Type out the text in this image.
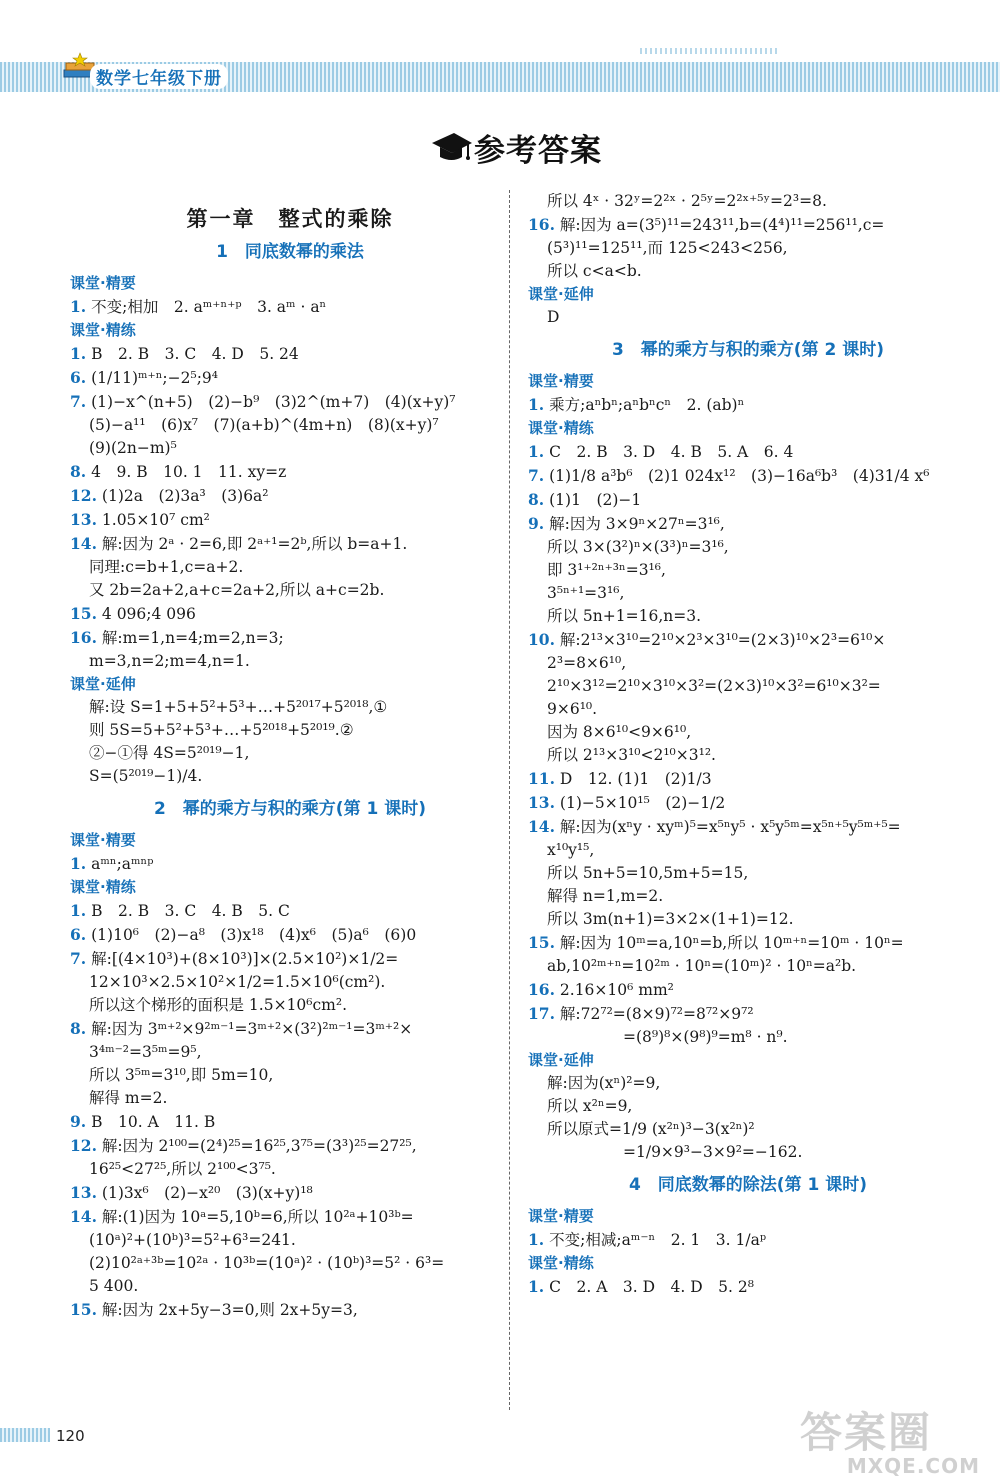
数学七年级下册
参考答案
第一章　整式的乘除
1　同底数幂的乘法
课堂·精要
1. 不变;相加　2. aᵐ⁺ⁿ⁺ᵖ　3. aᵐ · aⁿ
课堂·精练
1. B　2. B　3. C　4. D　5. 24
6. (1/11)ᵐ⁺ⁿ;−2⁵;9⁴
7. (1)−x^(n+5)　(2)−b⁹　(3)2^(m+7)　(4)(x+y)⁷
(5)−a¹¹　(6)x⁷　(7)(a+b)^(4m+n)　(8)(x+y)⁷
(9)(2n−m)⁵
8. 4　9. B　10. 1　11. xy=z
12. (1)2a　(2)3a³　(3)6a²
13. 1.05×10⁷ cm²
14. 解:因为 2ᵃ · 2=6,即 2ᵃ⁺¹=2ᵇ,所以 b=a+1.
同理:c=b+1,c=a+2.
又 2b=2a+2,a+c=2a+2,所以 a+c=2b.
15. 4 096;4 096
16. 解:m=1,n=4;m=2,n=3;
m=3,n=2;m=4,n=1.
课堂·延伸
解:设 S=1+5+5²+5³+…+5²⁰¹⁷+5²⁰¹⁸,①
则 5S=5+5²+5³+…+5²⁰¹⁸+5²⁰¹⁹.②
②−①得 4S=5²⁰¹⁹−1,
S=(5²⁰¹⁹−1)/4.
2　幂的乘方与积的乘方(第 1 课时)
课堂·精要
1. aᵐⁿ;aᵐⁿᵖ
课堂·精练
1. B　2. B　3. C　4. B　5. C
6. (1)10⁶　(2)−a⁸　(3)x¹⁸　(4)x⁶　(5)a⁶　(6)0
7. 解:[(4×10³)+(8×10³)]×(2.5×10²)×1/2=
12×10³×2.5×10²×1/2=1.5×10⁶(cm²).
所以这个梯形的面积是 1.5×10⁶cm².
8. 解:因为 3ᵐ⁺²×9²ᵐ⁻¹=3ᵐ⁺²×(3²)²ᵐ⁻¹=3ᵐ⁺²×
3⁴ᵐ⁻²=3⁵ᵐ=9⁵,
所以 3⁵ᵐ=3¹⁰,即 5m=10,
解得 m=2.
9. B　10. A　11. B
12. 解:因为 2¹⁰⁰=(2⁴)²⁵=16²⁵,3⁷⁵=(3³)²⁵=27²⁵,
16²⁵<27²⁵,所以 2¹⁰⁰<3⁷⁵.
13. (1)3x⁶　(2)−x²⁰　(3)(x+y)¹⁸
14. 解:(1)因为 10ᵃ=5,10ᵇ=6,所以 10²ᵃ+10³ᵇ=
(10ᵃ)²+(10ᵇ)³=5²+6³=241.
(2)10²ᵃ⁺³ᵇ=10²ᵃ · 10³ᵇ=(10ᵃ)² · (10ᵇ)³=5² · 6³=
5 400.
15. 解:因为 2x+5y−3=0,则 2x+5y=3,
所以 4ˣ · 32ʸ=2²ˣ · 2⁵ʸ=2²ˣ⁺⁵ʸ=2³=8.
16. 解:因为 a=(3⁵)¹¹=243¹¹,b=(4⁴)¹¹=256¹¹,c=
(5³)¹¹=125¹¹,而 125<243<256,
所以 c<a<b.
课堂·延伸
D
3　幂的乘方与积的乘方(第 2 课时)
课堂·精要
1. 乘方;aⁿbⁿ;aⁿbⁿcⁿ　2. (ab)ⁿ
课堂·精练
1. C　2. B　3. D　4. B　5. A　6. 4
7. (1)1/8 a³b⁶　(2)1 024x¹²　(3)−16a⁶b³　(4)31/4 x⁶
8. (1)1　(2)−1
9. 解:因为 3×9ⁿ×27ⁿ=3¹⁶,
所以 3×(3²)ⁿ×(3³)ⁿ=3¹⁶,
即 3¹⁺²ⁿ⁺³ⁿ=3¹⁶,
3⁵ⁿ⁺¹=3¹⁶,
所以 5n+1=16,n=3.
10. 解:2¹³×3¹⁰=2¹⁰×2³×3¹⁰=(2×3)¹⁰×2³=6¹⁰×
2³=8×6¹⁰,
2¹⁰×3¹²=2¹⁰×3¹⁰×3²=(2×3)¹⁰×3²=6¹⁰×3²=
9×6¹⁰.
因为 8×6¹⁰<9×6¹⁰,
所以 2¹³×3¹⁰<2¹⁰×3¹².
11. D　12. (1)1　(2)1/3
13. (1)−5×10¹⁵　(2)−1/2
14. 解:因为(xⁿy · xyᵐ)⁵=x⁵ⁿy⁵ · x⁵y⁵ᵐ=x⁵ⁿ⁺⁵y⁵ᵐ⁺⁵=
x¹⁰y¹⁵,
所以 5n+5=10,5m+5=15,
解得 n=1,m=2.
所以 3m(n+1)=3×2×(1+1)=12.
15. 解:因为 10ᵐ=a,10ⁿ=b,所以 10ᵐ⁺ⁿ=10ᵐ · 10ⁿ=
ab,10²ᵐ⁺ⁿ=10²ᵐ · 10ⁿ=(10ᵐ)² · 10ⁿ=a²b.
16. 2.16×10⁶ mm²
17. 解:72⁷²=(8×9)⁷²=8⁷²×9⁷²
=(8⁹)⁸×(9⁸)⁹=m⁸ · n⁹.
课堂·延伸
解:因为(xⁿ)²=9,
所以 x²ⁿ=9,
所以原式=1/9 (x²ⁿ)³−3(x²ⁿ)²
=1/9×9³−3×9²=−162.
4　同底数幂的除法(第 1 课时)
课堂·精要
1. 不变;相减;aᵐ⁻ⁿ　2. 1　3. 1/aᵖ
课堂·精练
1. C　2. A　3. D　4. D　5. 2⁸
120	答案圈
MXQE.COM
